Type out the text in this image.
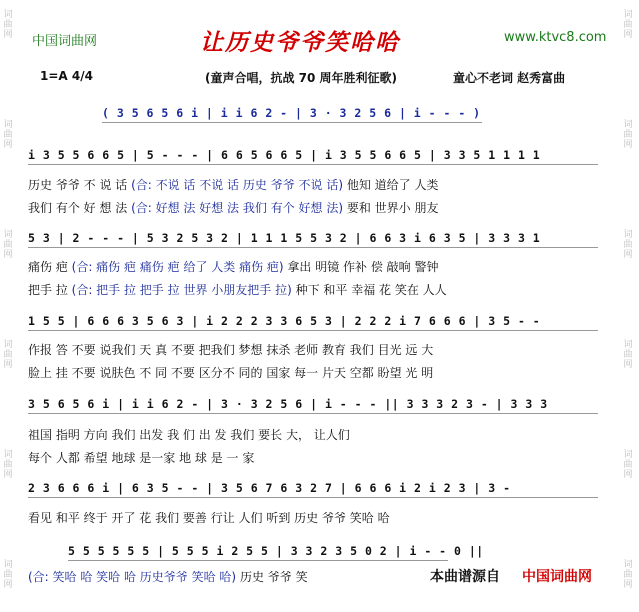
中国词曲网	让历史爷爷笑哈哈	www.ktvc8.com
1=A 4/4	(童声合唱，抗战 70 周年胜利征歌)	童心不老词 赵秀富曲
词
曲
网
词
曲
网
词
曲
网
词
曲
网
词
曲
网
词
曲
网
词
曲
网
词
曲
网
词
曲
网
词
曲
网
词
曲
网
词
曲
网
( 3 5 6 5 6 i | i i 6 2 - | 3 · 3 2 5 6 | i - - - )
i 3 5 5 6 6 5 | 5 - - - | 6 6 5 6 6 5 | i 3 5 5 6 6 5 | 3 3 5 1 1 1 1
历史 爷爷 不 说 话 (合: 不说 话 不说 话 历史 爷爷 不说 话) 他知 道给了 人类
我们 有个 好 想 法 (合: 好想 法 好想 法 我们 有个 好想 法) 要和 世界小 朋友
5 3 | 2 - - - | 5 3 2 5 3 2 | 1 1 1 5 5 3 2 | 6 6 3 i 6 3 5 | 3 3 3 1
痛伤 疤 (合: 痛伤 疤 痛伤 疤 给了 人类 痛伤 疤) 拿出 明镜 作补 偿 敲响 警钟
把手 拉 (合: 把手 拉 把手 拉 世界 小朋友把手 拉) 种下 和平 幸福 花 笑在 人人
1 5 5 | 6 6 6 3 5 6 3 | i 2 2 2 3 3 6 5 3 | 2 2 2 i 7 6 6 6 | 3 5 - -
作报 答 不要 说我们 天 真 不要 把我们 梦想 抹杀 老师 教育 我们 目光 远 大
脸上 挂 不要 说肤色 不 同 不要 区分不 同的 国家 每一 片天 空都 盼望 光 明
3 5 6 5 6 i | i i 6 2 - | 3 · 3 2 5 6 | i - - - || 3 3 3 2 3 - | 3 3 3
祖国 指明 方向 我们 出发 我 们 出 发 我们 要长 大， 让人们
每个 人都 希望 地球 是一家 地 球 是 一 家
2 3 6 6 6 i | 6 3 5 - - | 3 5 6 7 6 3 2 7 | 6 6 6 i 2 i 2 3 | 3 -
看见 和平 终于 开了 花 我们 要善 行让 人们 听到 历史 爷爷 笑哈 哈
5 5 5 5 5 5 | 5 5 5 i 2 5 5 | 3 3 2 3 5 0 2 | i - - 0 ||
(合: 笑哈 哈 笑哈 哈 历史爷爷 笑哈 哈) 历史 爷爷 笑	本曲谱源自 中国词曲网
